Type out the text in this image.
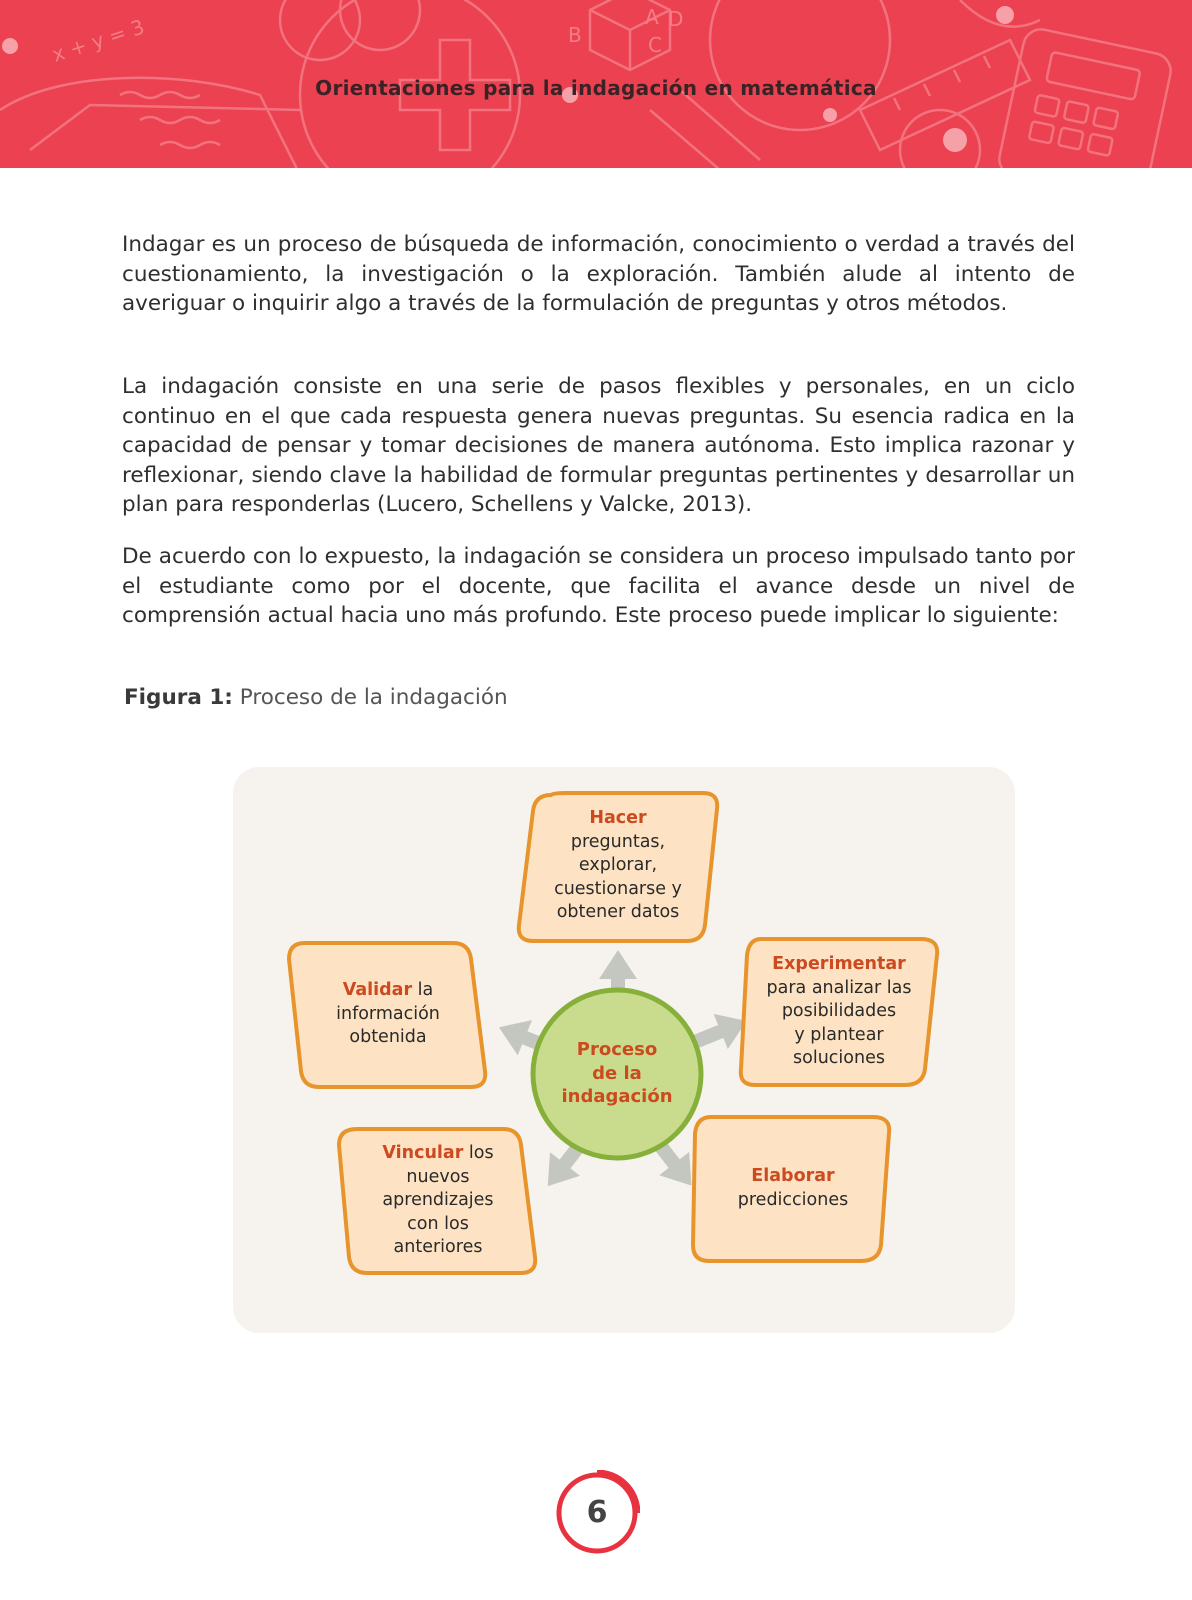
x + y = 3	A
B	C
D
Orientaciones para la indagación en matemática

Indagar es un proceso de búsqueda de información, conocimiento o verdad a través del cuestionamiento, la investigación o la exploración. También alude al intento de averiguar o inquirir algo a través de la formulación de preguntas y otros métodos.

La indagación consiste en una serie de pasos flexibles y personales, en un ciclo continuo en el que cada respuesta genera nuevas preguntas. Su esencia radica en la capacidad de pensar y tomar decisiones de manera autónoma. Esto implica razonar y reflexionar, siendo clave la habilidad de formular preguntas pertinentes y desarrollar un plan para responderlas (Lucero, Schellens y Valcke, 2013).

De acuerdo con lo expuesto, la indagación se considera un proceso impulsado tanto por el estudiante como por el docente, que facilita el avance desde un nivel de comprensión actual hacia uno más profundo. Este proceso puede implicar lo siguiente:

Figura 1: Proceso de la indagación
Proceso
de la
indagación
Hacer
preguntas,
explorar,
cuestionarse y
obtener datos
Experimentar
para analizar las
posibilidades
y plantear
soluciones
Elaborar
predicciones
Vincular los
nuevos
aprendizajes
con los
anteriores
Validar la
información
obtenida
6
